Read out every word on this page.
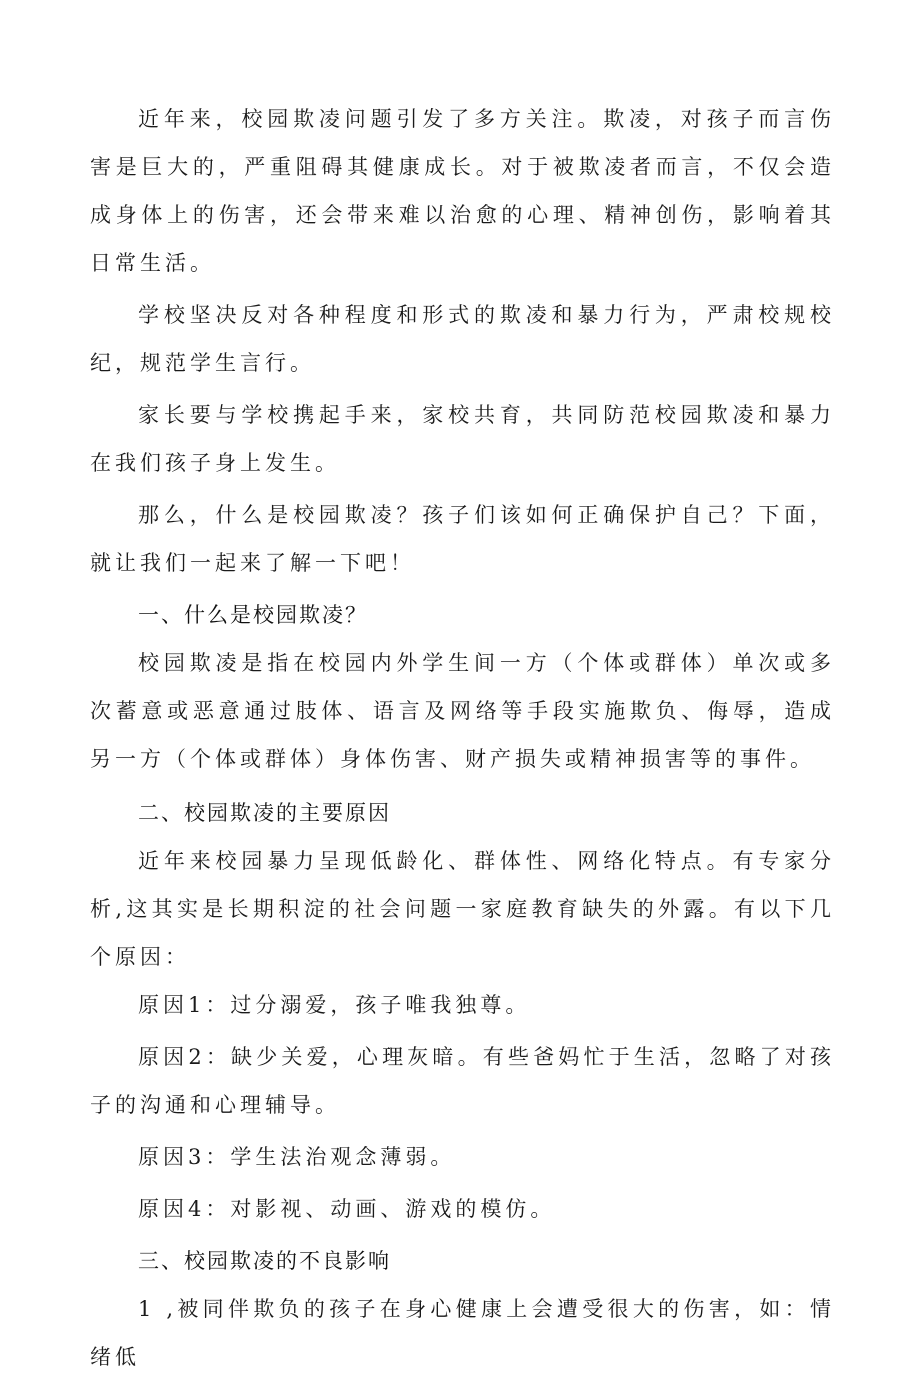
近年来，校园欺凌问题引发了多方关注。欺凌，对孩子而言伤害是巨大的，严重阻碍其健康成长。对于被欺凌者而言，不仅会造成身体上的伤害，还会带来难以治愈的心理、精神创伤，影响着其日常生活。

学校坚决反对各种程度和形式的欺凌和暴力行为，严肃校规校纪，规范学生言行。

家长要与学校携起手来，家校共育，共同防范校园欺凌和暴力在我们孩子身上发生。

那么，什么是校园欺凌？孩子们该如何正确保护自己？下面，就让我们一起来了解一下吧！

一、什么是校园欺凌？

校园欺凌是指在校园内外学生间一方（个体或群体）单次或多次蓄意或恶意通过肢体、语言及网络等手段实施欺负、侮辱，造成另一方（个体或群体）身体伤害、财产损失或精神损害等的事件。

二、校园欺凌的主要原因

近年来校园暴力呈现低龄化、群体性、网络化特点。有专家分析,这其实是长期积淀的社会问题一家庭教育缺失的外露。有以下几个原因：

原因1：过分溺爱，孩子唯我独尊。

原因2：缺少关爱，心理灰暗。有些爸妈忙于生活，忽略了对孩子的沟通和心理辅导。

原因3：学生法治观念薄弱。

原因4：对影视、动画、游戏的模仿。

三、校园欺凌的不良影响

1 ,被同伴欺负的孩子在身心健康上会遭受很大的伤害，如：情绪低
